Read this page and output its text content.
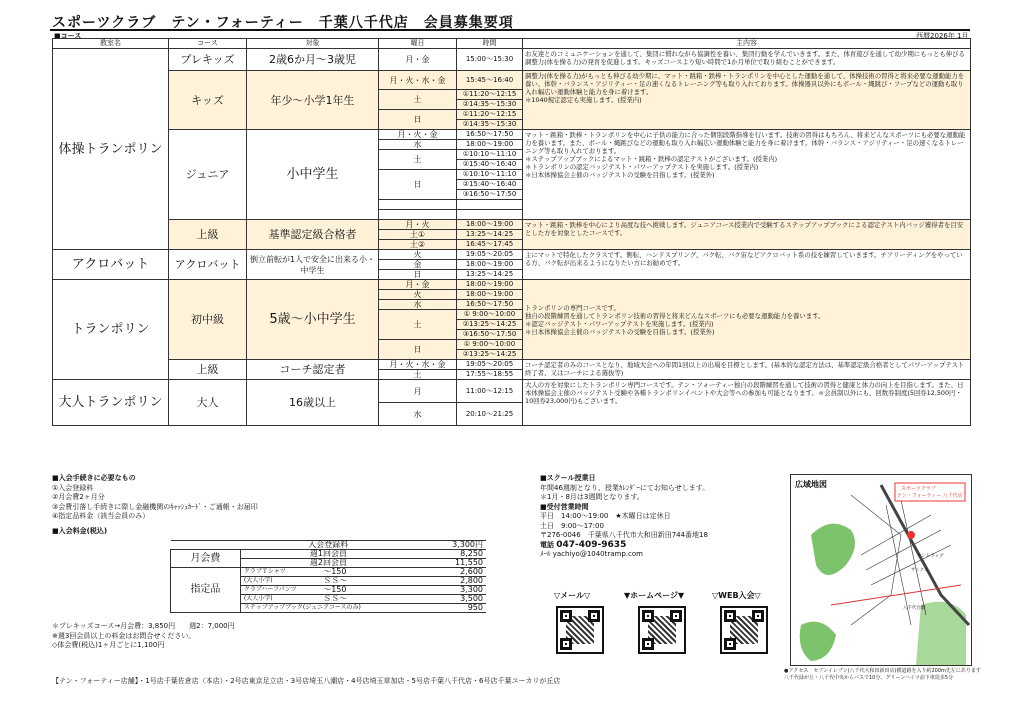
スポーツクラブ　テン・フォーティー　千葉八千代店　会員募集要項
■コース	西暦2026年 1月
教室名	コース	対象	曜日	時間	主内容
体操トランポリン	プレキッズ	2歳6か月～3歳児	月・金	15:00～15:30	お友達とのコミュニケーションを通して、集団に慣れながら協調性を養い、集団行動を学んでいきます。また、体育遊びを通して幼少期にもっとも伸びる調整力(体を操る力)の発育を促進します。キッズコースより短い時間で1か月単位で取り組むことができます。
	キッズ	年少～小学1年生	月・火・水・金	15:45～16:40	調整力(体を操る力)がもっとも伸びる幼少期に、マット・跳箱・鉄棒・トランポリンを中心とした運動を通して、体操技術の習得と将来必要な運動能力を養い、体幹・バランス・アジリティー・足の速くなるトレーニング等も取り入れております。体操器具以外にもボール・縄跳び・フープなどの運動も取り入れ幅広い運動体験と能力を身に着けます。
＊1040規定認定も実施します。(授業内)
			土	①11:20～12:15	
				②14:35～15:30	
			日	①11:20～12:15	
				②14:35～15:30	
	ジュニア	小中学生	月・火・金	16:50～17:50	マット・跳箱・鉄棒・トランポリンを中心に子供の能力に合った個別段階指導を行います。技術の習得はもちろん、将来どんなスポーツにも必要な運動能力を養います。また、ボール・縄跳びなどの運動も取り入れ幅広い運動体験と能力を身に着けます。体幹・バランス・アジリティー・足の速くなるトレーニング等も取り入れております。
＊ステップアップブックによるマット・跳箱・鉄棒の認定テストがございます。(授業内)
＊トランポリンの認定バッジテスト・パワーアップテストを実施します。(授業内)
＊日本体操協会主催のバッジテストの受験を目指します。(授業外)
			水	18:00～19:00	
			土	①10:10～11:10	
				②15:40～16:40	
			日	①10:10～11:10	
				②15:40～16:40	
				③16:50～17:50	

	上級	基準認定級合格者	月・火	18:00～19:00	マット・跳箱・鉄棒を中心により高度な技へ挑戦します。ジュニアコース授業内で受験するステップアップブックによる認定テスト内バッジ獲得者を目安とした方を対象としたコースです。
			土①	13:25～14:25	
			土②	16:45～17:45	
アクロバット	アクロバット	倒立前転が1人で安全に出来る小・中学生	火	19:05～20:05	主にマットで特化したクラスです。側転、ハンドスプリング、バク転、バク宙などアクロバット系の技を練習していきます。チアリーディングをやっている方、バク転が出来るようになりたい方にお勧めです。
			金	18:00～19:00	
			日	13:25～14:25	
トランポリン	初中級	5歳～小中学生	月・金	18:00～19:00	トランポリンの専門コースです。
独自の段階練習を通してトランポリン技術の習得と将来どんなスポーツにも必要な運動能力を養います。
＊認定バッジテスト・パワーアップテストを実施します。(授業内)
＊日本体操協会主催のバッジテストの受験を目指します。(授業外)
			火	18:00～19:00	
			水	16:50～17:50	
			土	① 9:00～10:00	
				②13:25～14:25	
				③16:50～17:50	
			日	① 9:00～10:00	
				②13:25～14:25	
	上級	コーチ認定者	月・火・水・金	19:05～20:05	コーチ認定者のみのコースとなり、地域大会への年間1回以上の出場を目標とします。(基本的な認定方法は、基準認定級合格者としてパワーアップテスト終了者、又はコーチによる選抜等)
			土	17:55～18:55	
大人トランポリン	大人	16歳以上	月	11:00～12:15	大人の方を対象にしたトランポリン専門コースです。テン・フォーティー独自の段階練習を通して技術の習得と健康と体力の向上を目指します。また、日本体操協会主催のバッジテスト受験や各種トランポリンイベントや大会等への参加も可能となります。＊会員制以外にも、回数券制度(5回券12,500円・10回券23,000円)もございます。
			水	20:10～21:25	
■入会手続きに必要なもの
①入会登録料
②月会費2ヶ月分
③会費引落し手続きに際し金融機関のｷｬｯｼｭｶｰﾄﾞ・ご通帳・お届印
④指定品料金（該当会員のみ）
■入会料金(税込)
	入会登録料		3,300円
月会費	週1回会員		8,250
	週2回会員		11,550
指定品	クラブＴシャツ	～150	2,600
	(大人小学)	ＳＳ～	2,800
	クラブハーフパンツ	～150	3,300
	(大人小学)	ＳＳ～	3,500
	ステップアップブック(ジュニアコースのみ)		950
＊プレキッズコース→月会費：3,850円　　週2：7,000円
※週3回会員以上の料金はお問合せください。
◇体会費(税込)1ヶ月ごとに1,100円
■スクール授業日
年間46週制となり、授業ｶﾚﾝﾀﾞｰにてお知らせします。
＊1月・8月は3週間となります。
■受付営業時間
平日　14:00～19:00　★木曜日は定休日
土日　9:00～17:00
〒276-0046　千葉県八千代市大和田新田744番地18
電話 047-409-9635
ﾒｰﾙ yachiyo@1040tramp.com
▽メール▽	▼ホームページ▼	▽WEB入会▽
広域地図	スポーツクラブ
テン・フォーティー 八千代店
サンドラッグ
サンクス
八千代台駅
●アクセス　セブンイレブン(八千代大和田新田店)横道路を入り約200m先左にあります　八千代緑が丘・八千代中央からバスで10分、グリーンハイツ前下車徒歩5分
【テン・フォーティー店舗】・1号店千葉佐倉店（本店）・2号店東京足立店・3号店埼玉八潮店・4号店埼玉草加店・5号店千葉八千代店・6号店千葉ユーカリが丘店
